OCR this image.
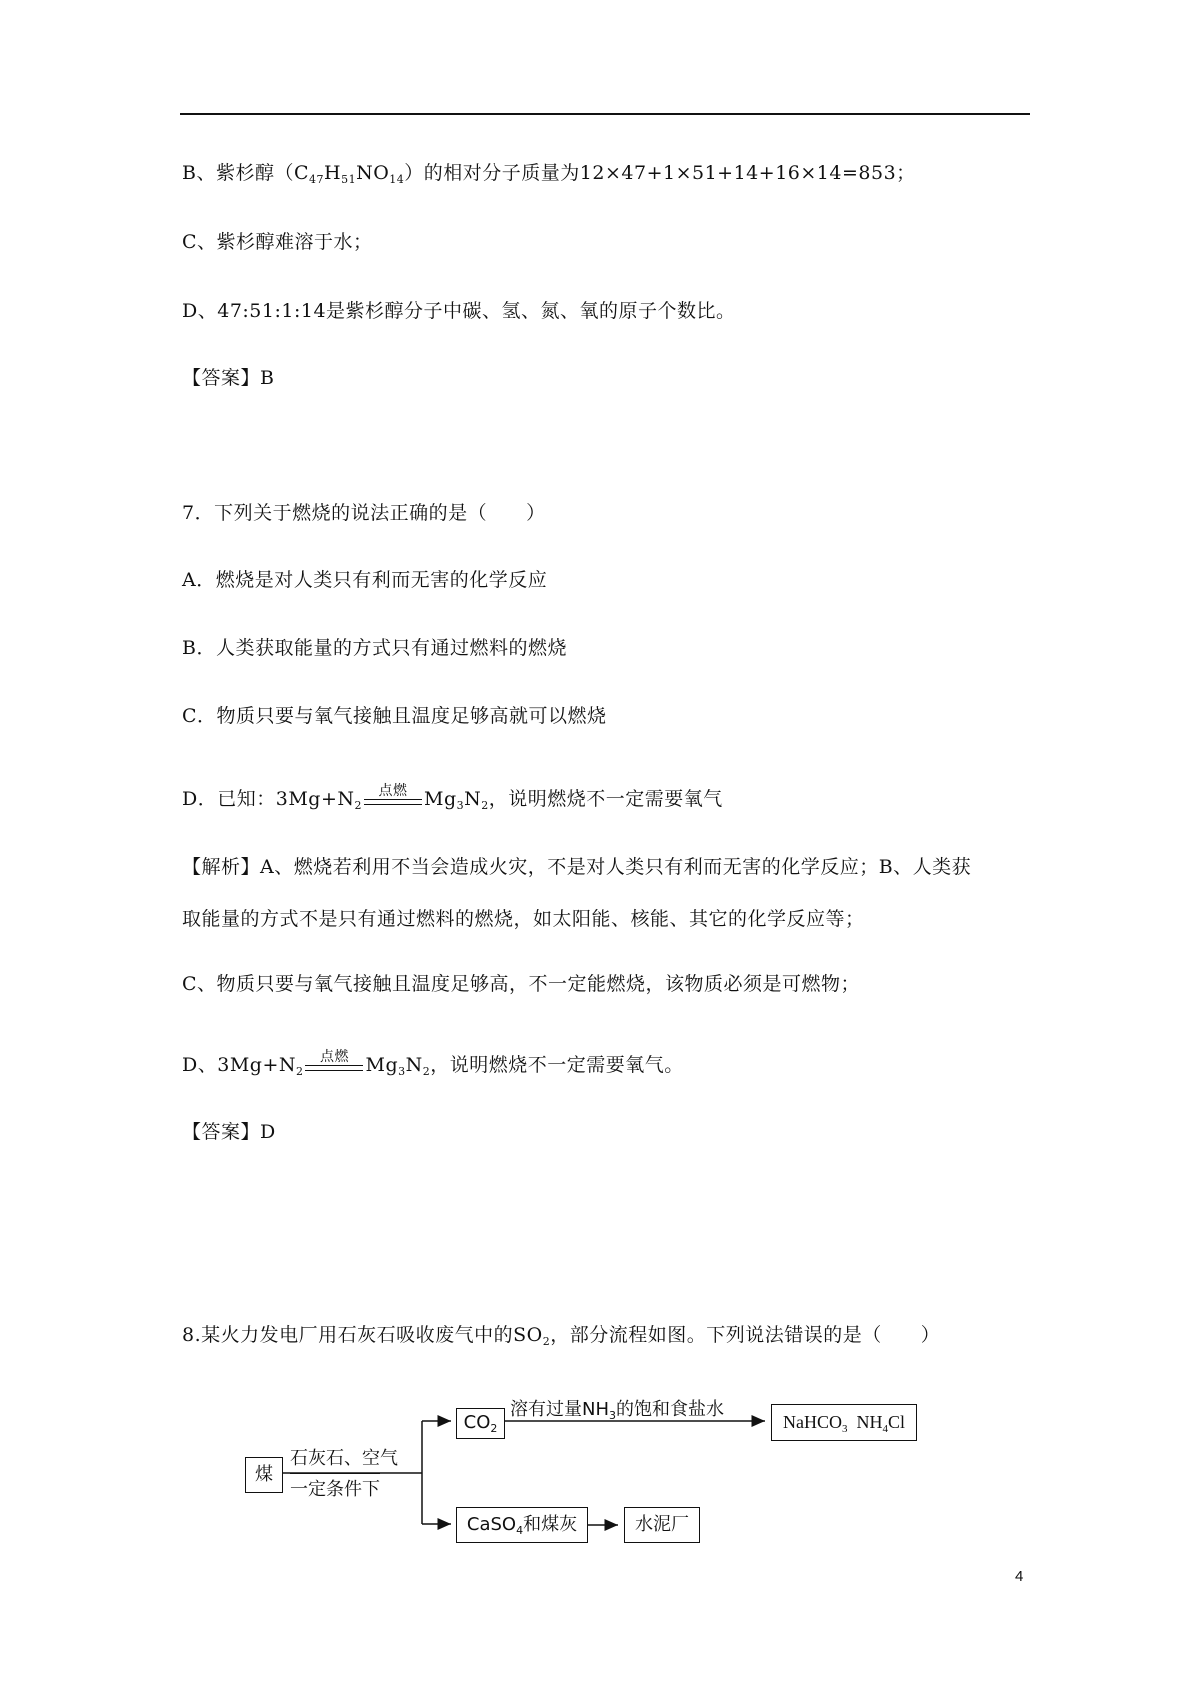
B、紫杉醇$(C_{47}H_{51}NO_{14})$的相对分子质量为12×47+1×51+14+16×14=853；
C、紫杉醇难溶于水；
D、47:51:1:14是紫杉醇分子中碳、氢、氮、氧的原子个数比。
【答案】B
7．下列关于燃烧的说法正确的是（　　）
A．燃烧是对人类只有利而无害的化学反应
B．人类获取能量的方式只有通过燃料的燃烧
C．物质只要与氧气接触且温度足够高就可以燃烧
D．已知：$3Mg+N_2$
点燃 $Mg_3N_2$，说明燃烧不一定需要氧气
【解析】A、燃烧若利用不当会造成火灾，不是对人类只有利而无害的化学反应；B、人类获
取能量的方式不是只有通过燃料的燃烧，如太阳能、核能、其它的化学反应等；
C、物质只要与氧气接触且温度足够高，不一定能燃烧，该物质必须是可燃物；
D、$3Mg+N_2$
点燃 $Mg_3N_2$，说明燃烧不一定需要氧气。
【答案】D
8.某火力发电厂用石灰石吸收废气中的$SO_2$，部分流程如图。下列说法错误的是（　　）
煤
石灰石、空气
一定条件下
$CO_2$
溶有过量$NH_3$的饱和食盐水
NaHCO$_3$ $NH_4Cl$
CaSO$_4$和煤灰	水泥厂
4
